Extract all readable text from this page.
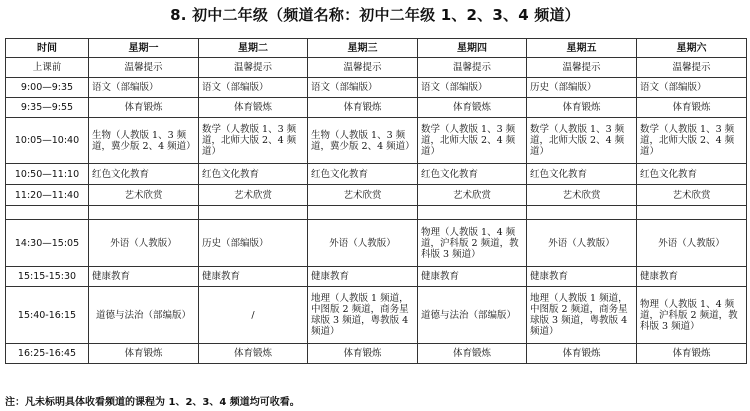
8. 初中二年级（频道名称：初中二年级 1、2、3、4 频道）
时间	星期一	星期二	星期三	星期四	星期五	星期六
上课前	温馨提示	温馨提示	温馨提示	温馨提示	温馨提示	温馨提示
9:00—9:35	语文（部编版）	语文（部编版）	语文（部编版）	语文（部编版）	历史（部编版）	语文（部编版）
9:35—9:55	体育锻炼	体育锻炼	体育锻炼	体育锻炼	体育锻炼	体育锻炼
10:05—10:40	生物（人教版 1、3 频道，冀少版 2、4 频道）	数学（人教版 1、3 频道，北师大版 2、4 频道）	生物（人教版 1、3 频道，冀少版 2、4 频道）	数学（人教版 1、3 频道，北师大版 2、4 频道）	数学（人教版 1、3 频道，北师大版 2、4 频道）	数学（人教版 1、3 频道，北师大版 2、4 频道）
10:50—11:10	红色文化教育	红色文化教育	红色文化教育	红色文化教育	红色文化教育	红色文化教育
11:20—11:40	艺术欣赏	艺术欣赏	艺术欣赏	艺术欣赏	艺术欣赏	艺术欣赏

14:30—15:05	外语（人教版）	历史（部编版）	外语（人教版）	物理（人教版 1、4 频道，沪科版 2 频道，教科版 3 频道）	外语（人教版）	外语（人教版）
15:15-15:30	健康教育	健康教育	健康教育	健康教育	健康教育	健康教育
15:40-16:15	道德与法治（部编版）	/	地理（人教版 1 频道，中图版 2 频道，商务星球版 3 频道，粤教版 4 频道）	道德与法治（部编版）	地理（人教版 1 频道，中图版 2 频道，商务星球版 3 频道，粤教版 4 频道）	物理（人教版 1、4 频道，沪科版 2 频道，教科版 3 频道）
16:25-16:45	体育锻炼	体育锻炼	体育锻炼	体育锻炼	体育锻炼	体育锻炼
注：凡未标明具体收看频道的课程为 1、2、3、4 频道均可收看。
